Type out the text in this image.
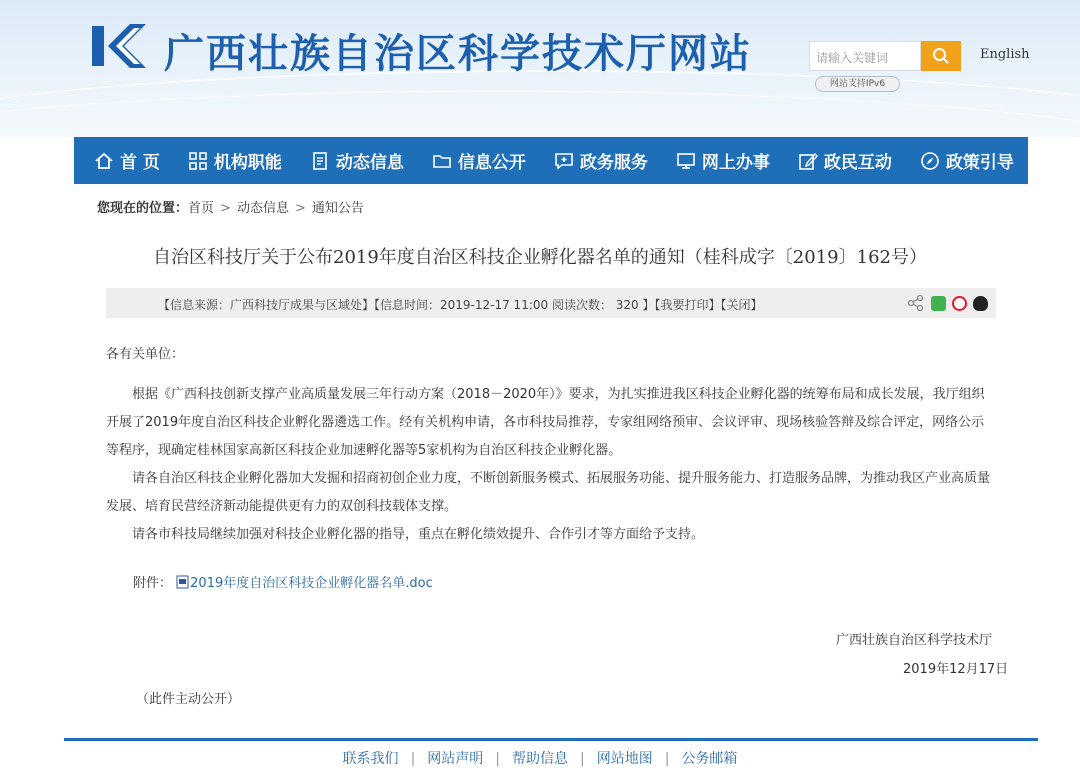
广西壮族自治区科学技术厅网站	请输入关键词	English
网站支持IPv6
首 页	机构职能	动态信息	信息公开	政务服务	网上办事	政民互动	政策引导
您现在的位置：首页 > 动态信息 > 通知公告
自治区科技厅关于公布2019年度自治区科技企业孵化器名单的通知（桂科成字〔2019〕162号）
【信息来源：广西科技厅成果与区域处】【信息时间：2019-12-17 11:00 阅读次数： 320 】【我要打印】【关闭】

各有关单位：

根据《广西科技创新支撑产业高质量发展三年行动方案（2018－2020年）》要求，为扎实推进我区科技企业孵化器的统筹布局和成长发展，我厅组织开展了2019年度自治区科技企业孵化器遴选工作。经有关机构申请，各市科技局推荐，专家组网络预审、会议评审、现场核验答辩及综合评定，网络公示等程序，现确定桂林国家高新区科技企业加速孵化器等5家机构为自治区科技企业孵化器。

请各自治区科技企业孵化器加大发掘和招商初创企业力度，不断创新服务模式、拓展服务功能、提升服务能力、打造服务品牌，为推动我区产业高质量发展、培育民营经济新动能提供更有力的双创科技载体支撑。

请各市科技局继续加强对科技企业孵化器的指导，重点在孵化绩效提升、合作引才等方面给予支持。

附件： 2019年度自治区科技企业孵化器名单.doc
广西壮族自治区科学技术厅
2019年12月17日
（此件主动公开）
联系我们 | 网站声明 | 帮助信息 | 网站地图 | 公务邮箱
